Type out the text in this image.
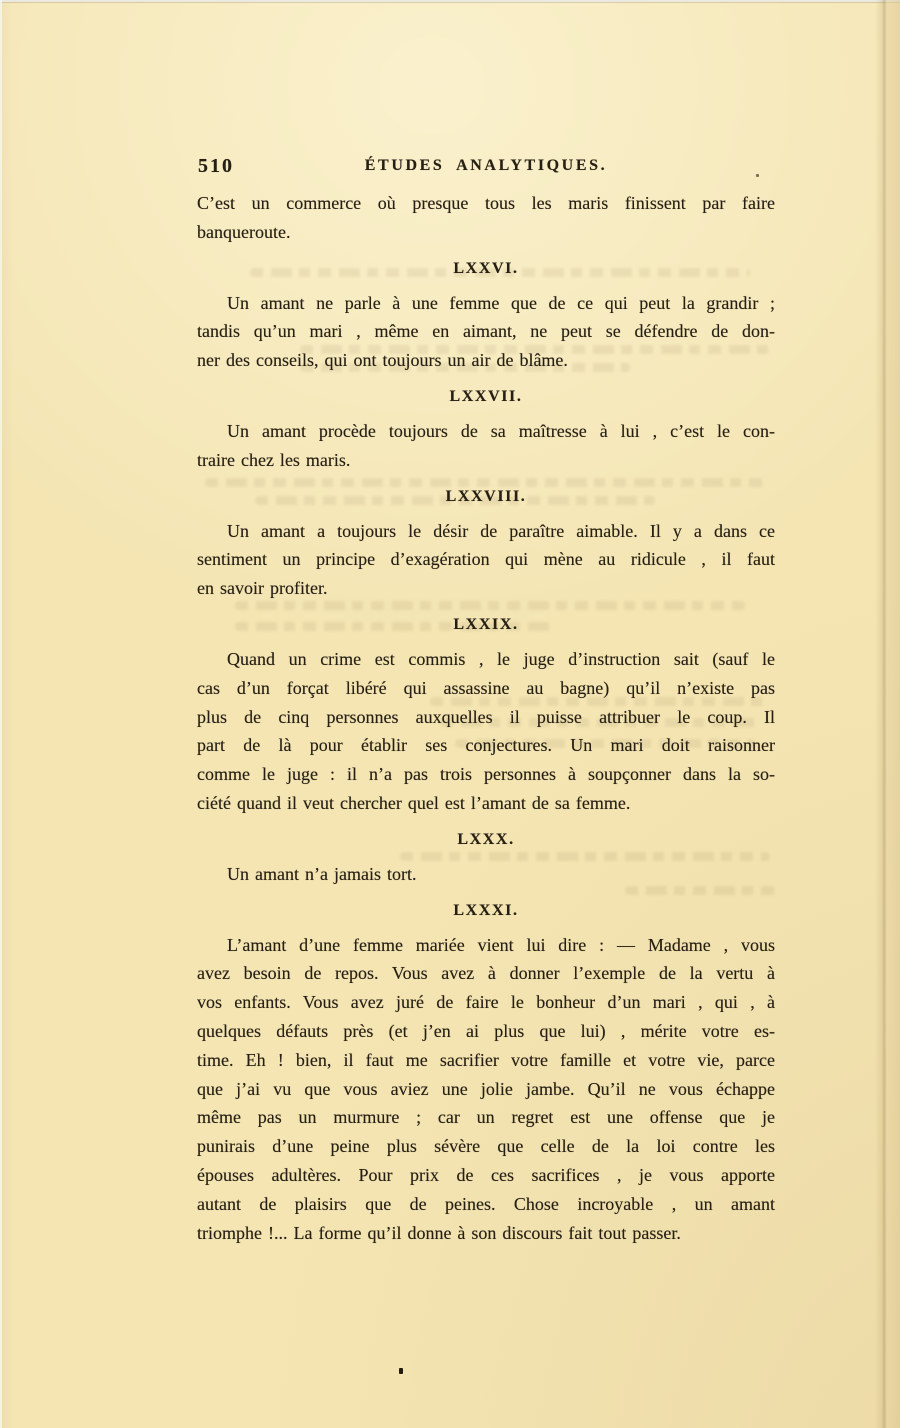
510	ÉTUDES ANALYTIQUES.
C’est un commerce où presque tous les maris finissent par faire
banqueroute.
LXXVI.
Un amant ne parle à une femme que de ce qui peut la grandir ;
tandis qu’un mari , même en aimant, ne peut se défendre de don-
ner des conseils, qui ont toujours un air de blâme.
LXXVII.
Un amant procède toujours de sa maîtresse à lui , c’est le con-
traire chez les maris.
LXXVIII.
Un amant a toujours le désir de paraître aimable. Il y a dans ce
sentiment un principe d’exagération qui mène au ridicule , il faut
en savoir profiter.
LXXIX.
Quand un crime est commis , le juge d’instruction sait (sauf le
cas d’un forçat libéré qui assassine au bagne) qu’il n’existe pas
plus de cinq personnes auxquelles il puisse attribuer le coup. Il
part de là pour établir ses conjectures. Un mari doit raisonner
comme le juge : il n’a pas trois personnes à soupçonner dans la so-
ciété quand il veut chercher quel est l’amant de sa femme.
LXXX.
Un amant n’a jamais tort.
LXXXI.
L’amant d’une femme mariée vient lui dire : — Madame , vous
avez besoin de repos. Vous avez à donner l’exemple de la vertu à
vos enfants. Vous avez juré de faire le bonheur d’un mari , qui , à
quelques défauts près (et j’en ai plus que lui) , mérite votre es-
time. Eh ! bien, il faut me sacrifier votre famille et votre vie, parce
que j’ai vu que vous aviez une jolie jambe. Qu’il ne vous échappe
même pas un murmure ; car un regret est une offense que je
punirais d’une peine plus sévère que celle de la loi contre les
épouses adultères. Pour prix de ces sacrifices , je vous apporte
autant de plaisirs que de peines. Chose incroyable , un amant
triomphe !... La forme qu’il donne à son discours fait tout passer.
